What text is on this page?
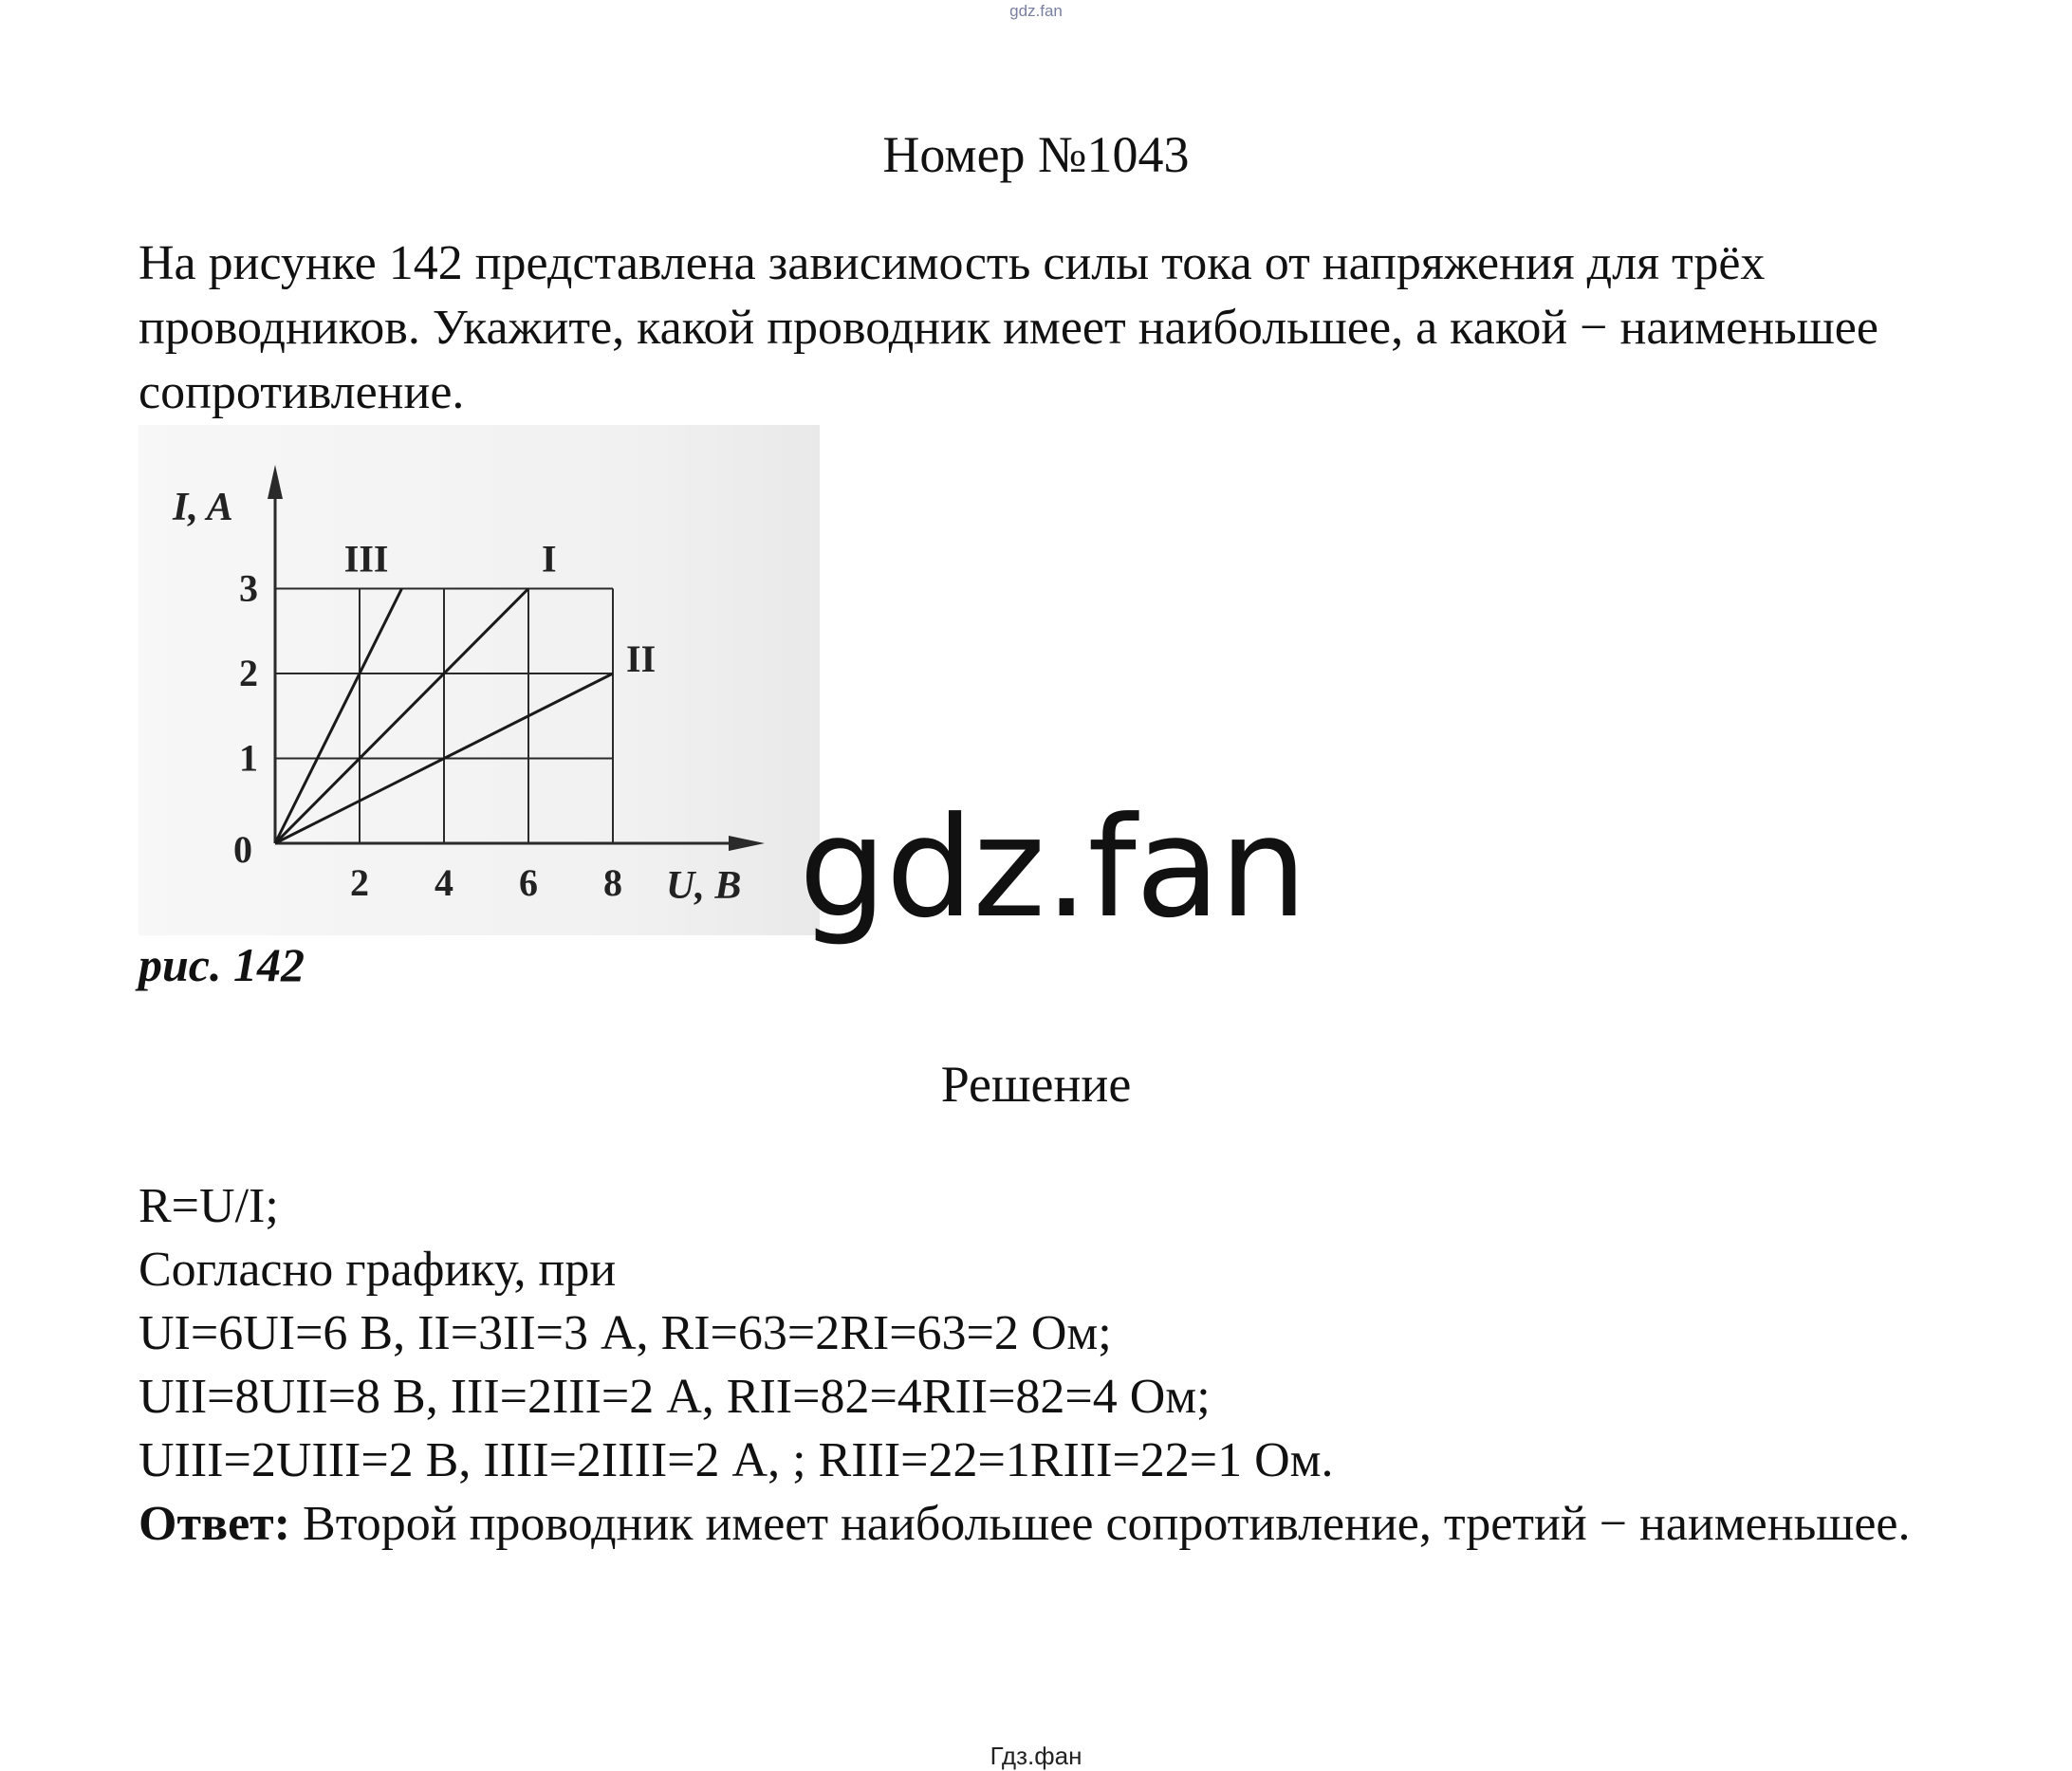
gdz.fan
Номер №1043

На рисунке 142 представлена зависимость силы тока от напряжения для трёх проводников. Укажите, какой проводник имеет наибольшее, а какой − наименьшее сопротивление.

I
II
III
2 4 6 8
1
2
3
0
I, A
U, B
рис. 142
gdz.fan
Решение
R=U/I;
Согласно графику, при
UI=6UI=6 В, II=3II=3 А, RI=63=2RI=63=2 Ом;
UII=8UII=8 В, III=2III=2 А, RII=82=4RII=82=4 Ом;
UIII=2UIII=2 В, IIII=2IIII=2 А, ; RIII=22=1RIII=22=1 Ом.
Ответ: Второй проводник имеет наибольшее сопротивление, третий − наименьшее.
Гдз.фан
